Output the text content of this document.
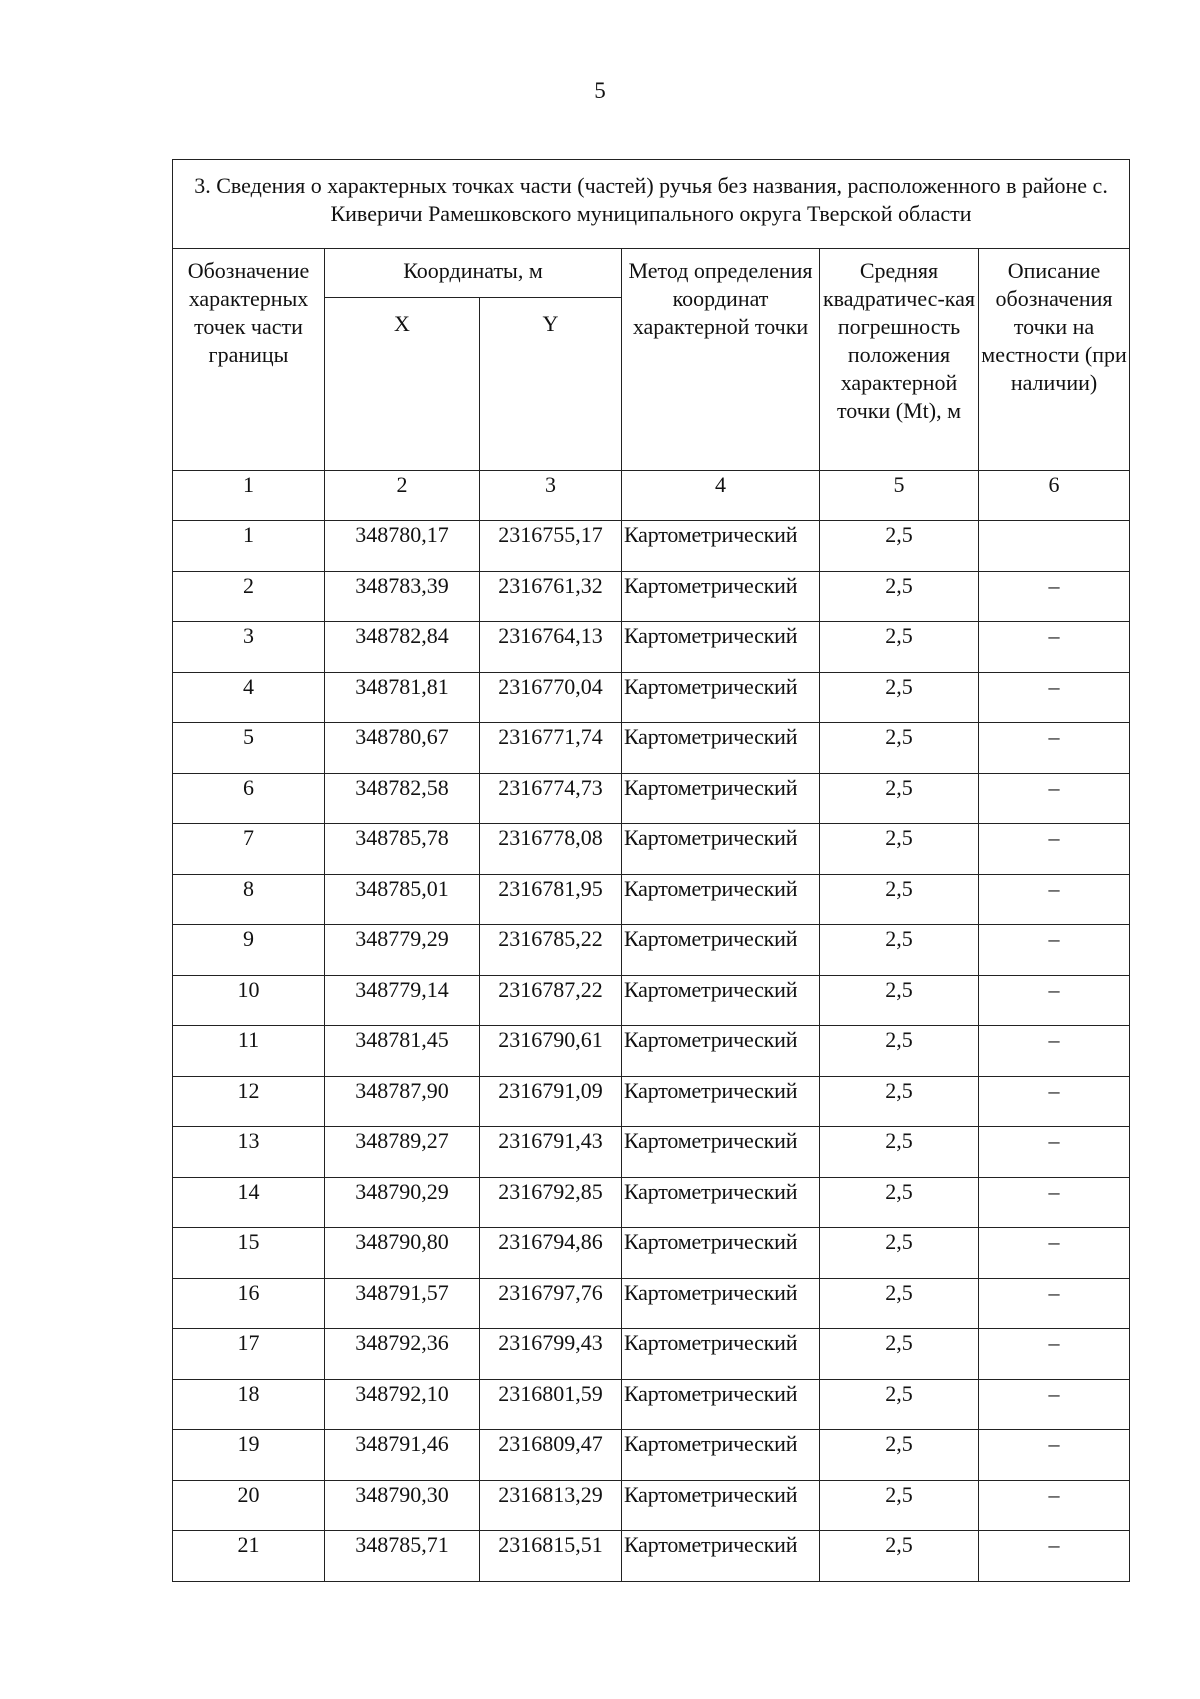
5
3. Сведения о характерных точках части (частей) ручья без названия, расположенного в районе с. Киверичи Рамешковского муниципального округа Тверской области					
Обозначение характерных точек части границы	Координаты, м		Метод определения координат характерной точки	Средняя квадратичес-кая погрешность положения характерной точки (Mt), м	Описание обозначения точки на местности (при наличии)
	X	Y			
1	2	3	4	5	6
1	348780,17	2316755,17	Картометрический	2,5	
2	348783,39	2316761,32	Картометрический	2,5	–
3	348782,84	2316764,13	Картометрический	2,5	–
4	348781,81	2316770,04	Картометрический	2,5	–
5	348780,67	2316771,74	Картометрический	2,5	–
6	348782,58	2316774,73	Картометрический	2,5	–
7	348785,78	2316778,08	Картометрический	2,5	–
8	348785,01	2316781,95	Картометрический	2,5	–
9	348779,29	2316785,22	Картометрический	2,5	–
10	348779,14	2316787,22	Картометрический	2,5	–
11	348781,45	2316790,61	Картометрический	2,5	–
12	348787,90	2316791,09	Картометрический	2,5	–
13	348789,27	2316791,43	Картометрический	2,5	–
14	348790,29	2316792,85	Картометрический	2,5	–
15	348790,80	2316794,86	Картометрический	2,5	–
16	348791,57	2316797,76	Картометрический	2,5	–
17	348792,36	2316799,43	Картометрический	2,5	–
18	348792,10	2316801,59	Картометрический	2,5	–
19	348791,46	2316809,47	Картометрический	2,5	–
20	348790,30	2316813,29	Картометрический	2,5	–
21	348785,71	2316815,51	Картометрический	2,5	–
